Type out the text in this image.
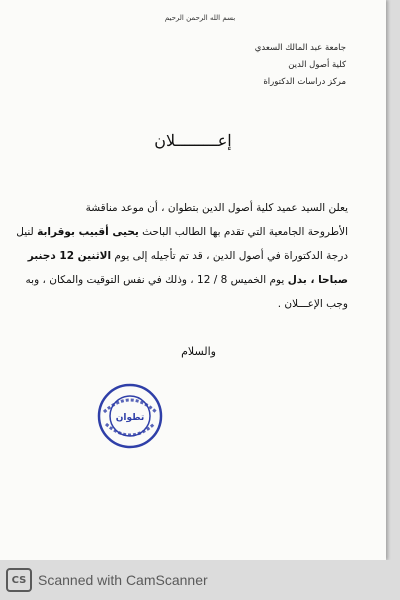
بسم الله الرحمن الرحيم
جامعة عبد المالك السعدي
كلية أصول الدين
مركز دراسات الدكتوراة
إعـــــــــلان
يعلن السيد عميد كلية أصول الدين بتطوان ، أن موعد مناقشة
الأطروحة الجامعية التي تقدم بها الطالب الباحث يحيى أقبيب بوقرابة لنيل
درجة الدكتوراة في أصول الدين ، قد تم تأجيله إلى يوم الاثنين 12 دجنبر
صباحا ، بدل يوم الخميس 8 / 12 ، وذلك في نفس التوقيت والمكان ، وبه
وجب الإعـــلان .
والسلام
تطوان
CS Scanned with CamScanner
